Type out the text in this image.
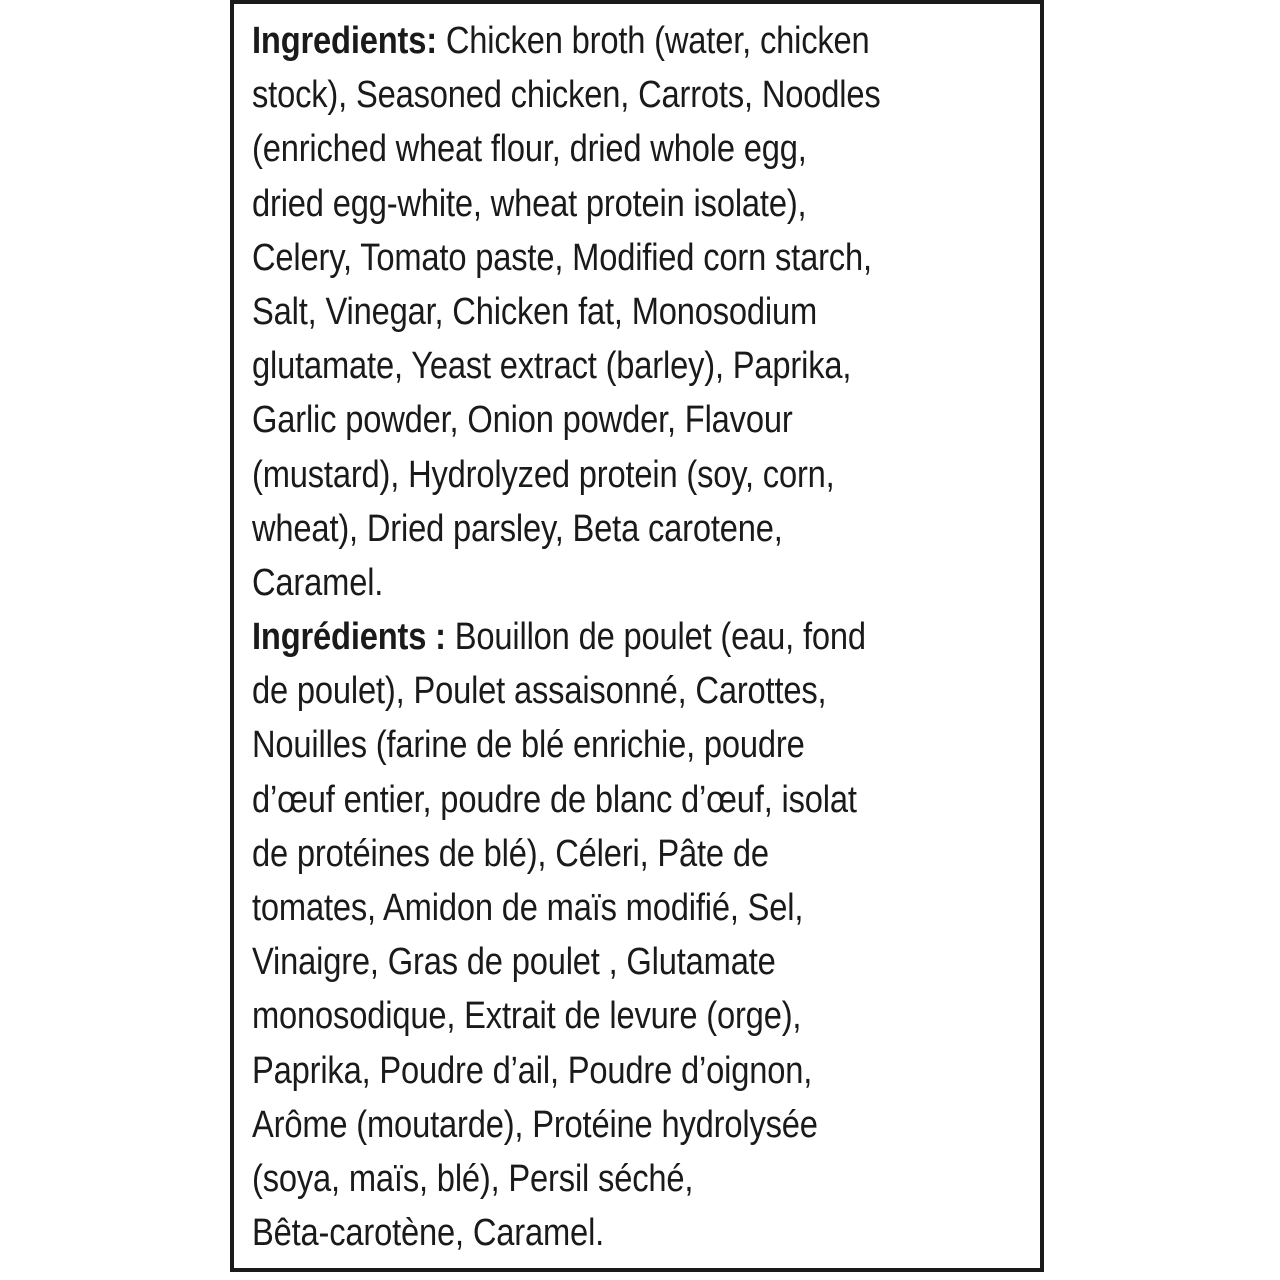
Ingredients: Chicken broth (water, chicken
stock), Seasoned chicken, Carrots, Noodles
(enriched wheat flour, dried whole egg,
dried egg-white, wheat protein isolate),
Celery, Tomato paste, Modified corn starch,
Salt, Vinegar, Chicken fat, Monosodium
glutamate, Yeast extract (barley), Paprika,
Garlic powder, Onion powder, Flavour
(mustard), Hydrolyzed protein (soy, corn,
wheat), Dried parsley, Beta carotene,
Caramel.
Ingrédients : Bouillon de poulet (eau, fond
de poulet), Poulet assaisonné, Carottes,
Nouilles (farine de blé enrichie, poudre
d’œuf entier, poudre de blanc d’œuf, isolat
de protéines de blé), Céleri, Pâte de
tomates, Amidon de maïs modifié, Sel,
Vinaigre, Gras de poulet , Glutamate
monosodique, Extrait de levure (orge),
Paprika, Poudre d’ail, Poudre d’oignon,
Arôme (moutarde), Protéine hydrolysée
(soya, maïs, blé), Persil séché,
Bêta-carotène, Caramel.
